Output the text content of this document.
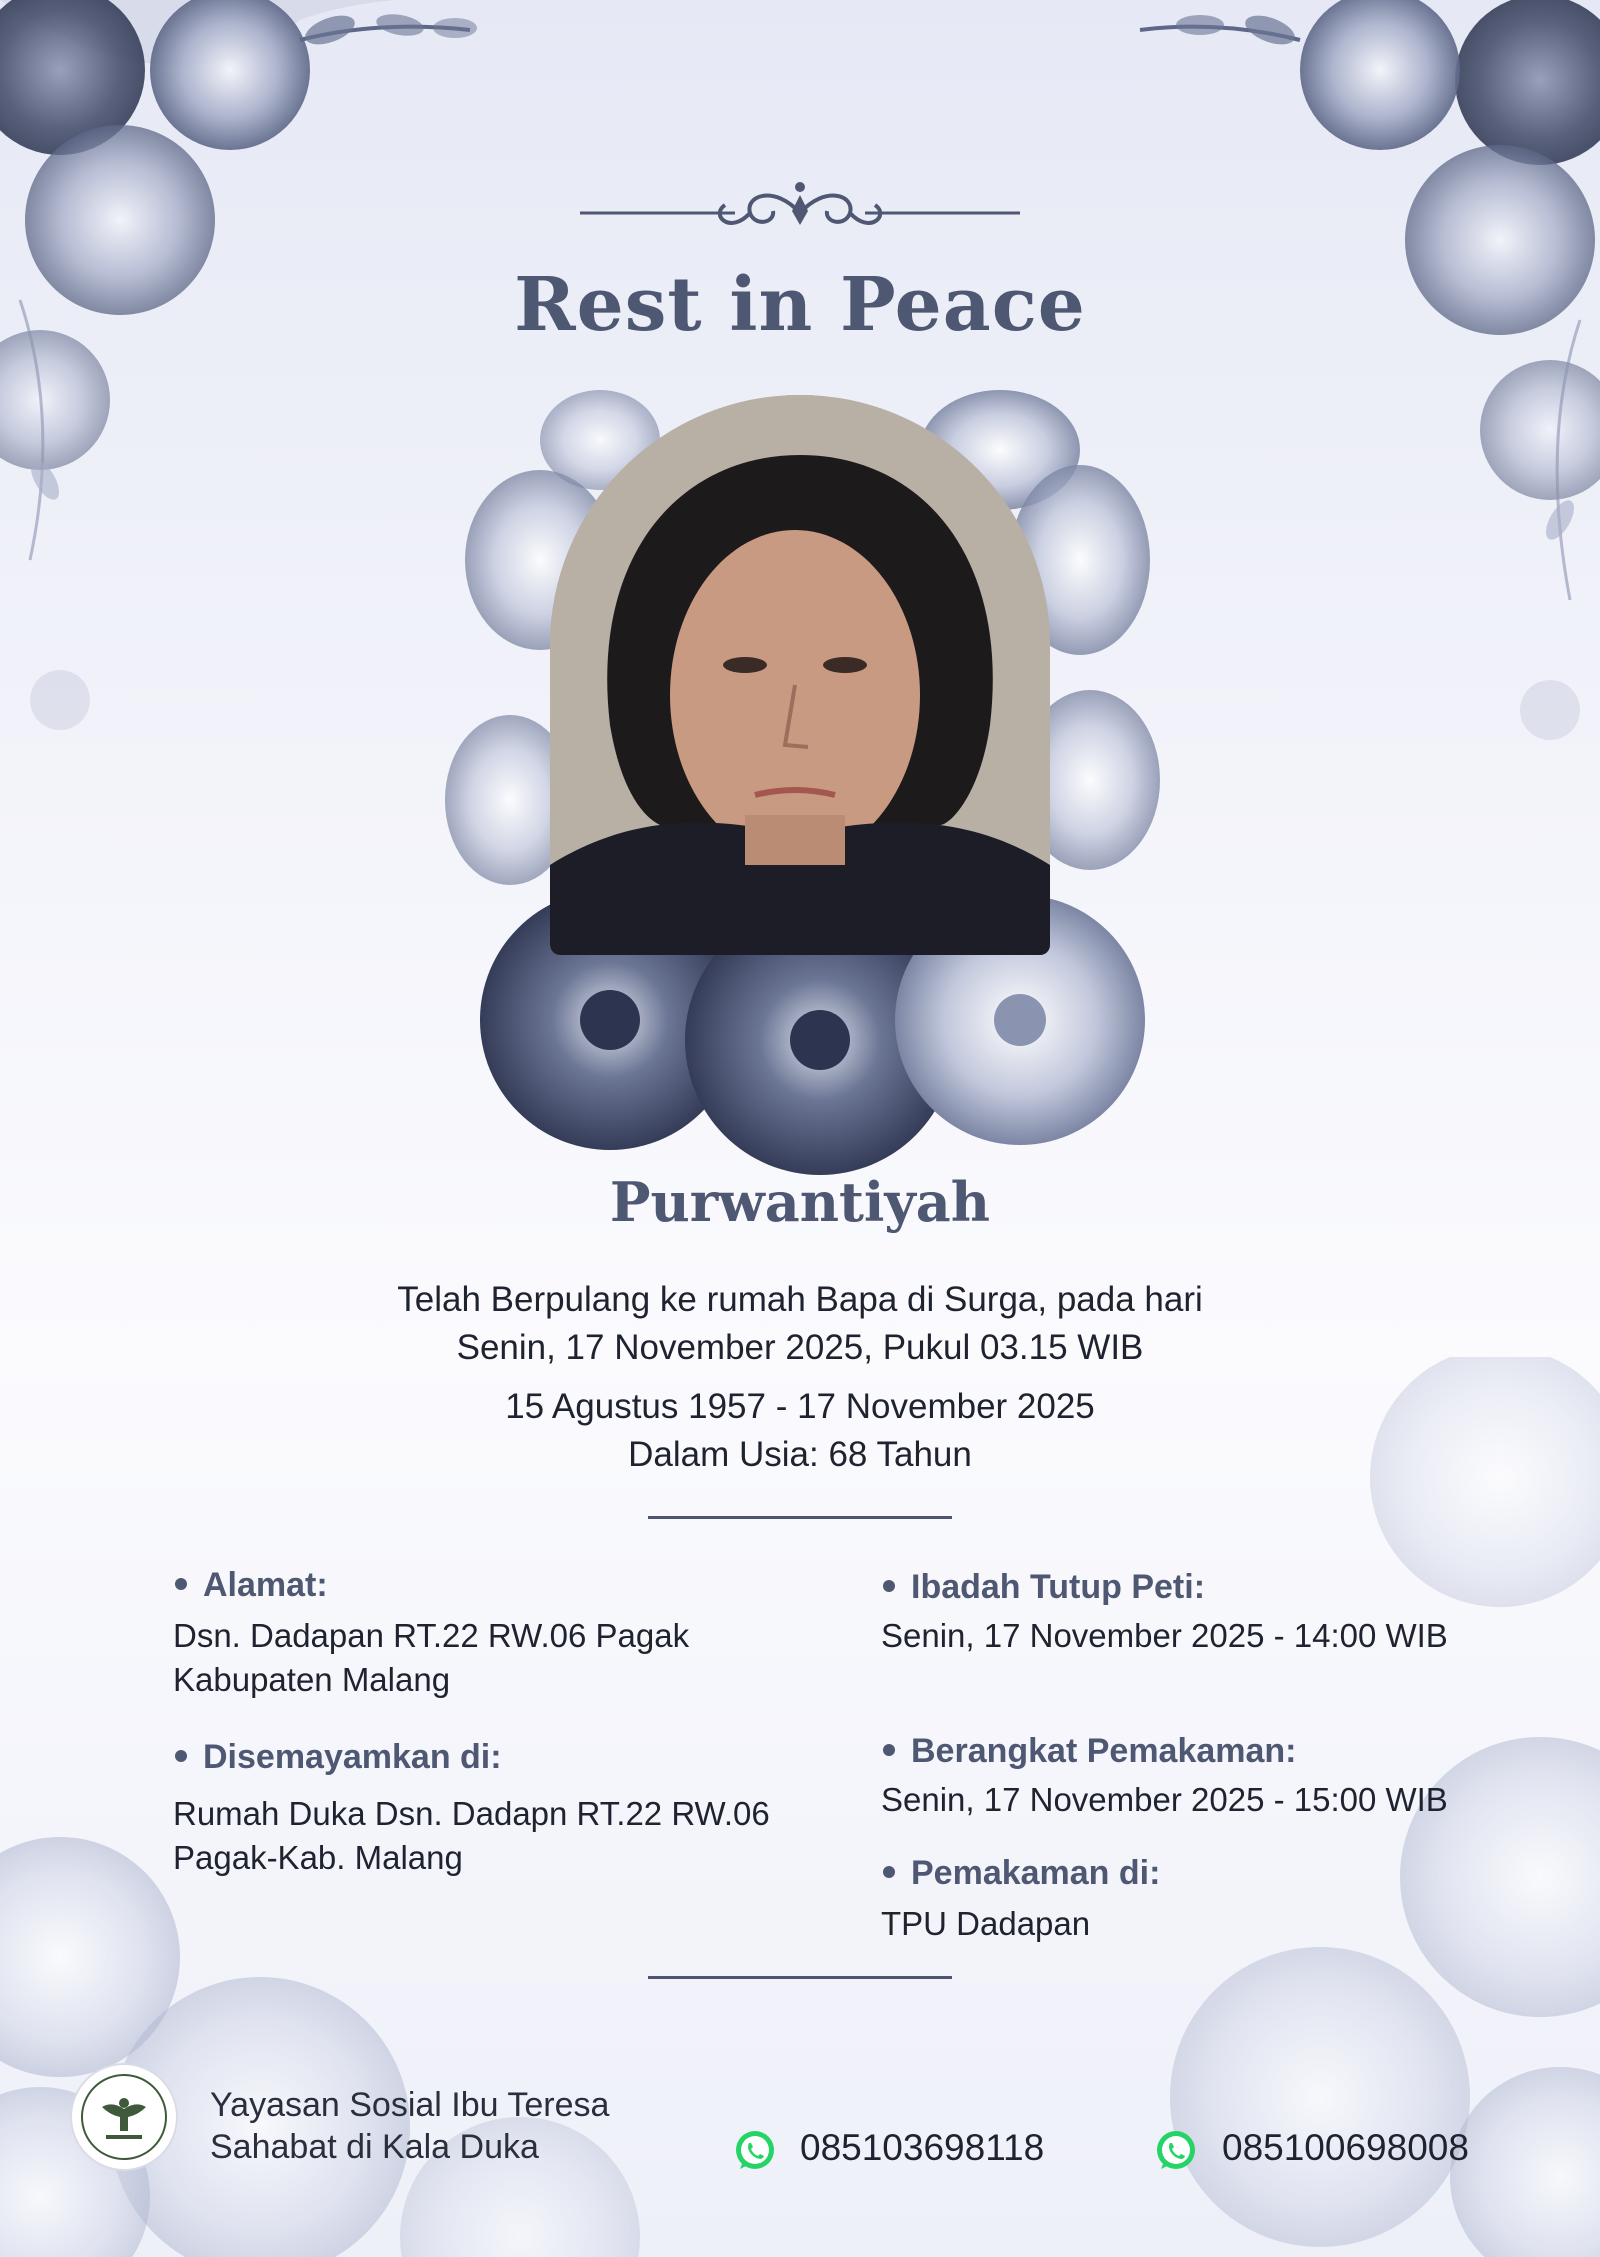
Rest in Peace
Purwantiyah
Telah Berpulang ke rumah Bapa di Surga, pada hari
Senin, 17 November 2025, Pukul 03.15 WIB
15 Agustus 1957 - 17 November 2025
Dalam Usia: 68 Tahun
Alamat:
Dsn. Dadapan RT.22 RW.06 Pagak
Kabupaten Malang
Disemayamkan di:
Rumah Duka Dsn. Dadapn RT.22 RW.06
Pagak-Kab. Malang
Ibadah Tutup Peti:
Senin, 17 November 2025 - 14:00 WIB
Berangkat Pemakaman:
Senin, 17 November 2025 - 15:00 WIB
Pemakaman di:
TPU Dadapan
Yayasan Sosial Ibu Teresa
Sahabat di Kala Duka	085103698118	085100698008
